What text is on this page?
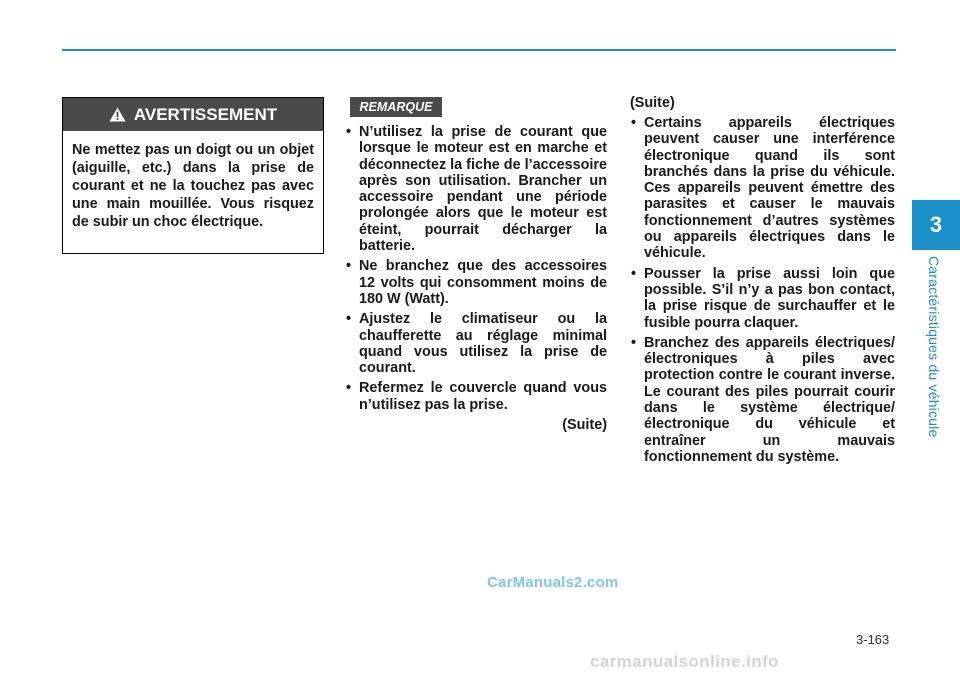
3
Caractéristiques du véhicule
AVERTISSEMENT
Ne mettez pas un doigt ou un objet (aiguille, etc.) dans la prise de courant et ne la touchez pas avec une main mouillée. Vous risquez de subir un choc électrique.
REMARQUE
• N’utilisez la prise de courant que lorsque le moteur est en marche et déconnectez la fiche de l’accessoire après son utilisation. Brancher un accessoire pendant une période prolongée alors que le moteur est éteint, pourrait décharger la batterie.
• Ne branchez que des accessoires 12 volts qui consomment moins de 180 W (Watt).
• Ajustez le climatiseur ou la chaufferette au réglage minimal quand vous utilisez la prise de courant.
• Refermez le couvercle quand vous n’utilisez pas la prise.
(Suite)
(Suite)
• Certains appareils électriques peuvent causer une interférence électronique quand ils sont branchés dans la prise du véhicule. Ces appareils peuvent émettre des parasites et causer le mauvais fonctionnement d’autres systèmes ou appareils électriques dans le véhicule.
• Pousser la prise aussi loin que possible. S’il n’y a pas bon contact, la prise risque de surchauffer et le fusible pourra claquer.
• Branchez des appareils électriques/électroniques à piles avec protection contre le courant inverse. Le courant des piles pourrait courir dans le système électrique/ électronique du véhicule et entraîner un mauvais fonctionnement du système.
CarManuals2.com
3-163
carmanualsonline.info
